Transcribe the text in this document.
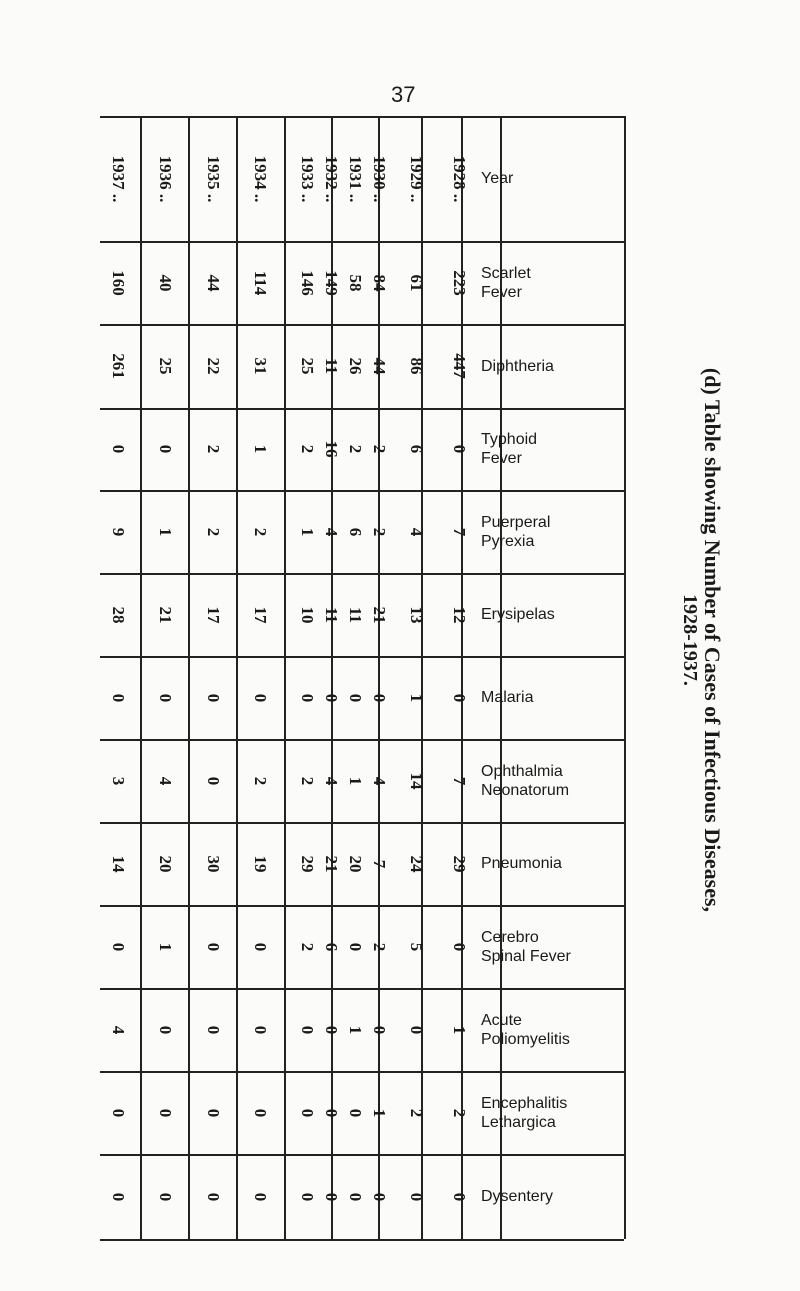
37
(d) Table showing Number of Cases of Infectious Diseases,
1928-1937.
Year
Scarlet
Fever
Diphtheria
Typhoid
Fever
Puerperal
Pyrexia
Erysipelas
Malaria
Ophthalmia
Neonatorum
Pneumonia
Cerebro
Spinal Fever
Acute
Poliomyelitis
Encephalitis
Lethargica
Dysentery
1928 ..
223
447
0
7
12
0
7
29
0
1
2
0
1929 ..
61
86
6
4
13
1
14
24
5
0
2
0
1930 ..
84
44
2
2
21
0
4
7
2
0
1
0
1931 ..
58
26
2
6
11
0
1
20
0
1
0
0
1932 ..
149
11
16
4
11
0
4
21
6
0
0
0
1933 ..
146
25
2
1
10
0
2
29
2
0
0
0
1934 ..
114
31
1
2
17
0
2
19
0
0
0
0
1935 ..
44
22
2
2
17
0
0
30
0
0
0
0
1936 ..
40
25
0
1
21
0
4
20
1
0
0
0
1937 ..
160
261
0
9
28
0
3
14
0
4
0
0
